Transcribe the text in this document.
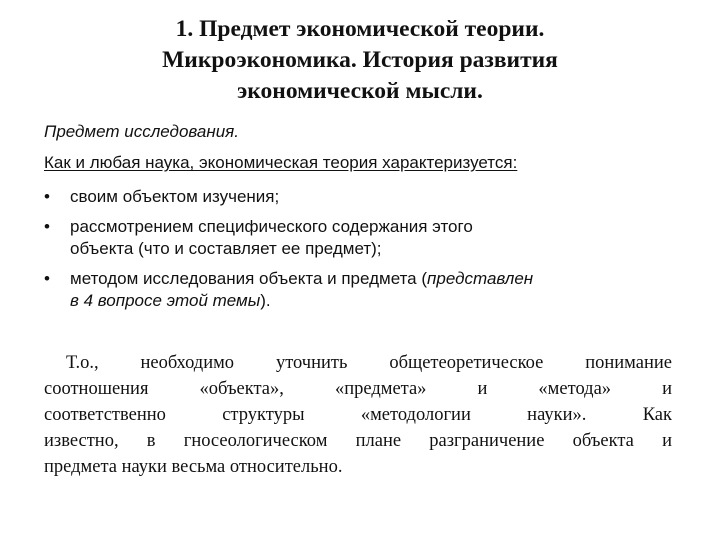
1. Предмет экономической теории.
Микроэкономика. История развития
экономической мысли.
Предмет исследования.
Как и любая наука, экономическая теория характеризуется:
• своим объектом изучения;
• рассмотрением специфического содержания этого
объекта (что и составляет ее предмет);
• методом исследования объекта и предмета (представлен
в 4 вопросе этой темы).
Т.о., необходимо уточнить общетеоретическое понимание
соотношения «объекта», «предмета» и «метода» и
соответственно структуры «методологии науки». Как
известно, в гносеологическом плане разграничение объекта и
предмета науки весьма относительно.
